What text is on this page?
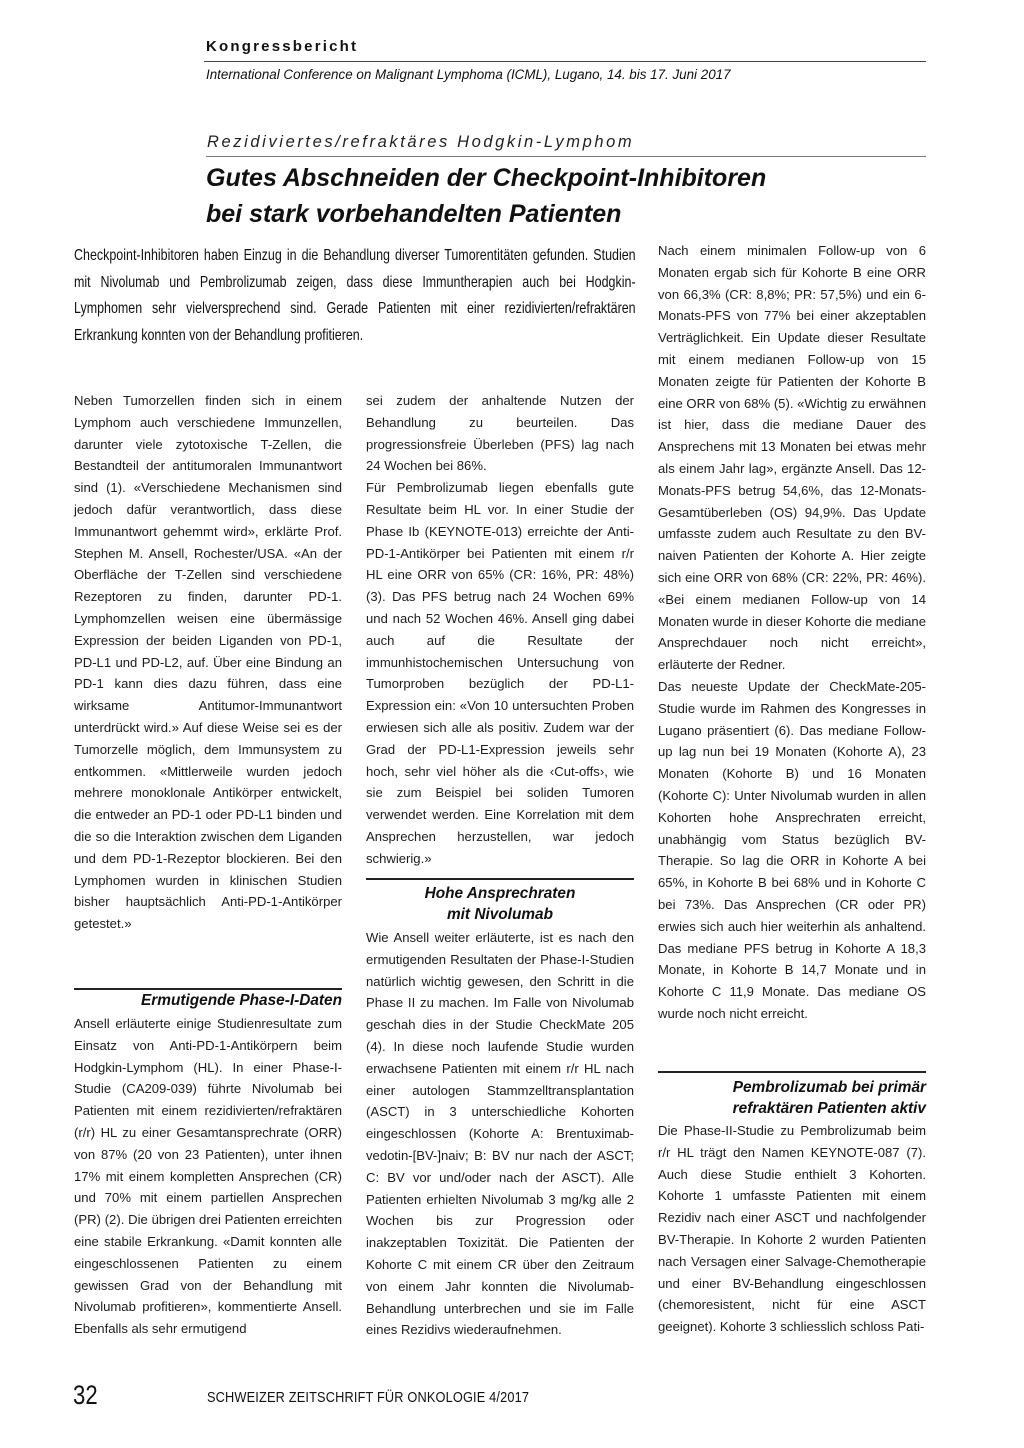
Kongressbericht
International Conference on Malignant Lymphoma (ICML), Lugano, 14. bis 17. Juni 2017
Rezidiviertes/refraktäres Hodgkin-Lymphom
Gutes Abschneiden der Checkpoint-Inhibitoren
bei stark vorbehandelten Patienten

Checkpoint-Inhibitoren haben Einzug in die Behandlung diverser Tumorentitäten gefunden. Studien mit Nivolumab und Pembrolizumab zeigen, dass diese Immuntherapien auch bei Hodgkin-Lymphomen sehr vielversprechend sind. Gerade Patienten mit einer rezidivierten/refraktären Erkrankung konnten von der Behandlung profitieren.

Neben Tumorzellen finden sich in einem Lymphom auch verschiedene Immunzellen, darunter viele zytotoxische T-Zellen, die Bestandteil der antitumoralen Immunantwort sind (1). «Verschiedene Mechanismen sind jedoch dafür verantwortlich, dass diese Immunantwort gehemmt wird», erklärte Prof. Stephen M. Ansell, Rochester/USA. «An der Oberfläche der T-Zellen sind verschiedene Rezeptoren zu finden, darunter PD-1. Lymphomzellen weisen eine übermässige Expression der beiden Liganden von PD-1, PD-L1 und PD-L2, auf. Über eine Bindung an PD-1 kann dies dazu führen, dass eine wirksame Antitumor-Immunantwort unterdrückt wird.» Auf diese Weise sei es der Tumorzelle möglich, dem Immunsystem zu entkommen. «Mittlerweile wurden jedoch mehrere monoklonale Antikörper entwickelt, die entweder an PD-1 oder PD-L1 binden und die so die Interaktion zwischen dem Liganden und dem PD-1-Rezeptor blockieren. Bei den Lymphomen wurden in klinischen Studien bisher hauptsächlich Anti-PD-1-Antikörper getestet.»

Ermutigende Phase-I-Daten

Ansell erläuterte einige Studienresultate zum Einsatz von Anti-PD-1-Antikörpern beim Hodgkin-Lymphom (HL). In einer Phase-I-Studie (CA209-039) führte Nivolumab bei Patienten mit einem rezidivierten/refraktären (r/r) HL zu einer Gesamtansprechrate (ORR) von 87% (20 von 23 Patienten), unter ihnen 17% mit einem kompletten Ansprechen (CR) und 70% mit einem partiellen Ansprechen (PR) (2). Die übrigen drei Patienten erreichten eine stabile Erkrankung. «Damit konnten alle eingeschlossenen Patienten zu einem gewissen Grad von der Behandlung mit Nivolumab profitieren», kommentierte Ansell. Ebenfalls als sehr ermutigend

sei zudem der anhaltende Nutzen der Behandlung zu beurteilen. Das progressionsfreie Überleben (PFS) lag nach 24 Wochen bei 86%.

Für Pembrolizumab liegen ebenfalls gute Resultate beim HL vor. In einer Studie der Phase Ib (KEYNOTE-013) erreichte der Anti-PD-1-Antikörper bei Patienten mit einem r/r HL eine ORR von 65% (CR: 16%, PR: 48%) (3). Das PFS betrug nach 24 Wochen 69% und nach 52 Wochen 46%. Ansell ging dabei auch auf die Resultate der immunhistochemischen Untersuchung von Tumorproben bezüglich der PD-L1-Expression ein: «Von 10 untersuchten Proben erwiesen sich alle als positiv. Zudem war der Grad der PD-L1-Expression jeweils sehr hoch, sehr viel höher als die ‹Cut-offs›, wie sie zum Beispiel bei soliden Tumoren verwendet werden. Eine Korrelation mit dem Ansprechen herzustellen, war jedoch schwierig.»

Hohe Ansprechraten
mit Nivolumab

Wie Ansell weiter erläuterte, ist es nach den ermutigenden Resultaten der Phase-I-Studien natürlich wichtig gewesen, den Schritt in die Phase II zu machen. Im Falle von Nivolumab geschah dies in der Studie CheckMate 205 (4). In diese noch laufende Studie wurden erwachsene Patienten mit einem r/r HL nach einer autologen Stammzelltransplantation (ASCT) in 3 unterschiedliche Kohorten eingeschlossen (Kohorte A: Brentuximab-vedotin-[BV-]naiv; B: BV nur nach der ASCT; C: BV vor und/oder nach der ASCT). Alle Patienten erhielten Nivolumab 3 mg/kg alle 2 Wochen bis zur Progression oder inakzeptablen Toxizität. Die Patienten der Kohorte C mit einem CR über den Zeitraum von einem Jahr konnten die Nivolumab-Behandlung unterbrechen und sie im Falle eines Rezidivs wiederaufnehmen.

Nach einem minimalen Follow-up von 6 Monaten ergab sich für Kohorte B eine ORR von 66,3% (CR: 8,8%; PR: 57,5%) und ein 6-Monats-PFS von 77% bei einer akzeptablen Verträglichkeit. Ein Update dieser Resultate mit einem medianen Follow-up von 15 Monaten zeigte für Patienten der Kohorte B eine ORR von 68% (5). «Wichtig zu erwähnen ist hier, dass die mediane Dauer des Ansprechens mit 13 Monaten bei etwas mehr als einem Jahr lag», ergänzte Ansell. Das 12-Monats-PFS betrug 54,6%, das 12-Monats-Gesamtüberleben (OS) 94,9%. Das Update umfasste zudem auch Resultate zu den BV-naiven Patienten der Kohorte A. Hier zeigte sich eine ORR von 68% (CR: 22%, PR: 46%). «Bei einem medianen Follow-up von 14 Monaten wurde in dieser Kohorte die mediane Ansprechdauer noch nicht erreicht», erläuterte der Redner.

Das neueste Update der CheckMate-205-Studie wurde im Rahmen des Kongresses in Lugano präsentiert (6). Das mediane Follow-up lag nun bei 19 Monaten (Kohorte A), 23 Monaten (Kohorte B) und 16 Monaten (Kohorte C): Unter Nivolumab wurden in allen Kohorten hohe Ansprechraten erreicht, unabhängig vom Status bezüglich BV-Therapie. So lag die ORR in Kohorte A bei 65%, in Kohorte B bei 68% und in Kohorte C bei 73%. Das Ansprechen (CR oder PR) erwies sich auch hier weiterhin als anhaltend. Das mediane PFS betrug in Kohorte A 18,3 Monate, in Kohorte B 14,7 Monate und in Kohorte C 11,9 Monate. Das mediane OS wurde noch nicht erreicht.

Pembrolizumab bei primär
refraktären Patienten aktiv

Die Phase-II-Studie zu Pembrolizumab beim r/r HL trägt den Namen KEYNOTE-087 (7). Auch diese Studie enthielt 3 Kohorten. Kohorte 1 umfasste Patienten mit einem Rezidiv nach einer ASCT und nachfolgender BV-Therapie. In Kohorte 2 wurden Patienten nach Versagen einer Salvage-Chemotherapie und einer BV-Behandlung eingeschlossen (chemoresistent, nicht für eine ASCT geeignet). Kohorte 3 schliesslich schloss Pati-

32	SCHWEIZER ZEITSCHRIFT FÜR ONKOLOGIE 4/2017
